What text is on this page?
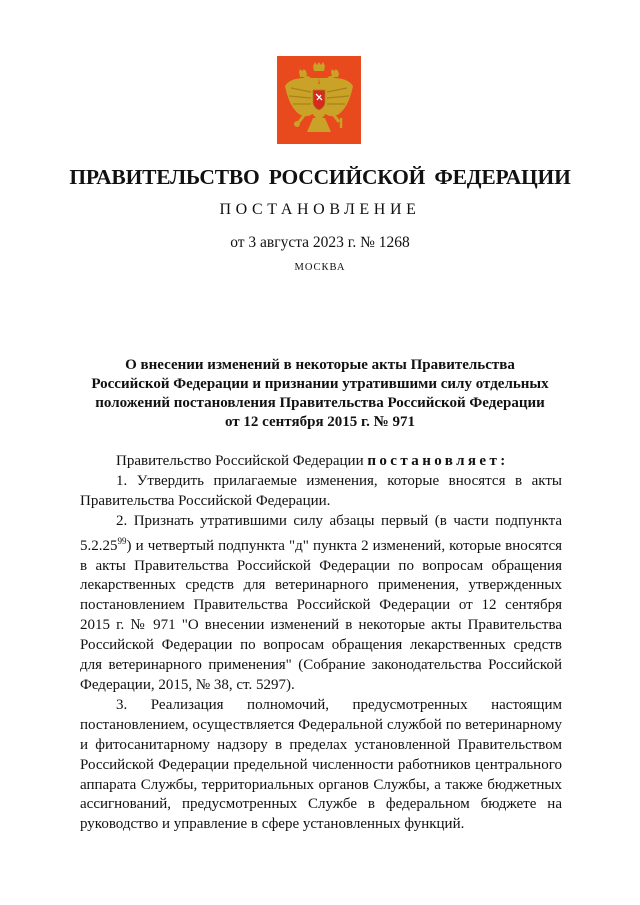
ПРАВИТЕЛЬСТВО РОССИЙСКОЙ ФЕДЕРАЦИИ
ПОСТАНОВЛЕНИЕ
от 3 августа 2023 г. № 1268
МОСКВА
О внесении изменений в некоторые акты Правительства
Российской Федерации и признании утратившими силу отдельных
положений постановления Правительства Российской Федерации
от 12 сентября 2015 г. № 971

Правительство Российской Федерации постановляет:

1. Утвердить прилагаемые изменения, которые вносятся в акты Правительства Российской Федерации.

2. Признать утратившими силу абзацы первый (в части подпункта 5.2.25$^{99}$) и четвертый подпункта "д" пункта 2 изменений, которые вносятся в акты Правительства Российской Федерации по вопросам обращения лекарственных средств для ветеринарного применения, утвержденных постановлением Правительства Российской Федерации от 12 сентября 2015 г. № 971 "О внесении изменений в некоторые акты Правительства Российской Федерации по вопросам обращения лекарственных средств для ветеринарного применения" (Собрание законодательства Российской Федерации, 2015, № 38, ст. 5297).

3. Реализация полномочий, предусмотренных настоящим постановлением, осуществляется Федеральной службой по ветеринарному и фитосанитарному надзору в пределах установленной Правительством Российской Федерации предельной численности работников центрального аппарата Службы, территориальных органов Службы, а также бюджетных ассигнований, предусмотренных Службе в федеральном бюджете на руководство и управление в сфере установленных функций.
